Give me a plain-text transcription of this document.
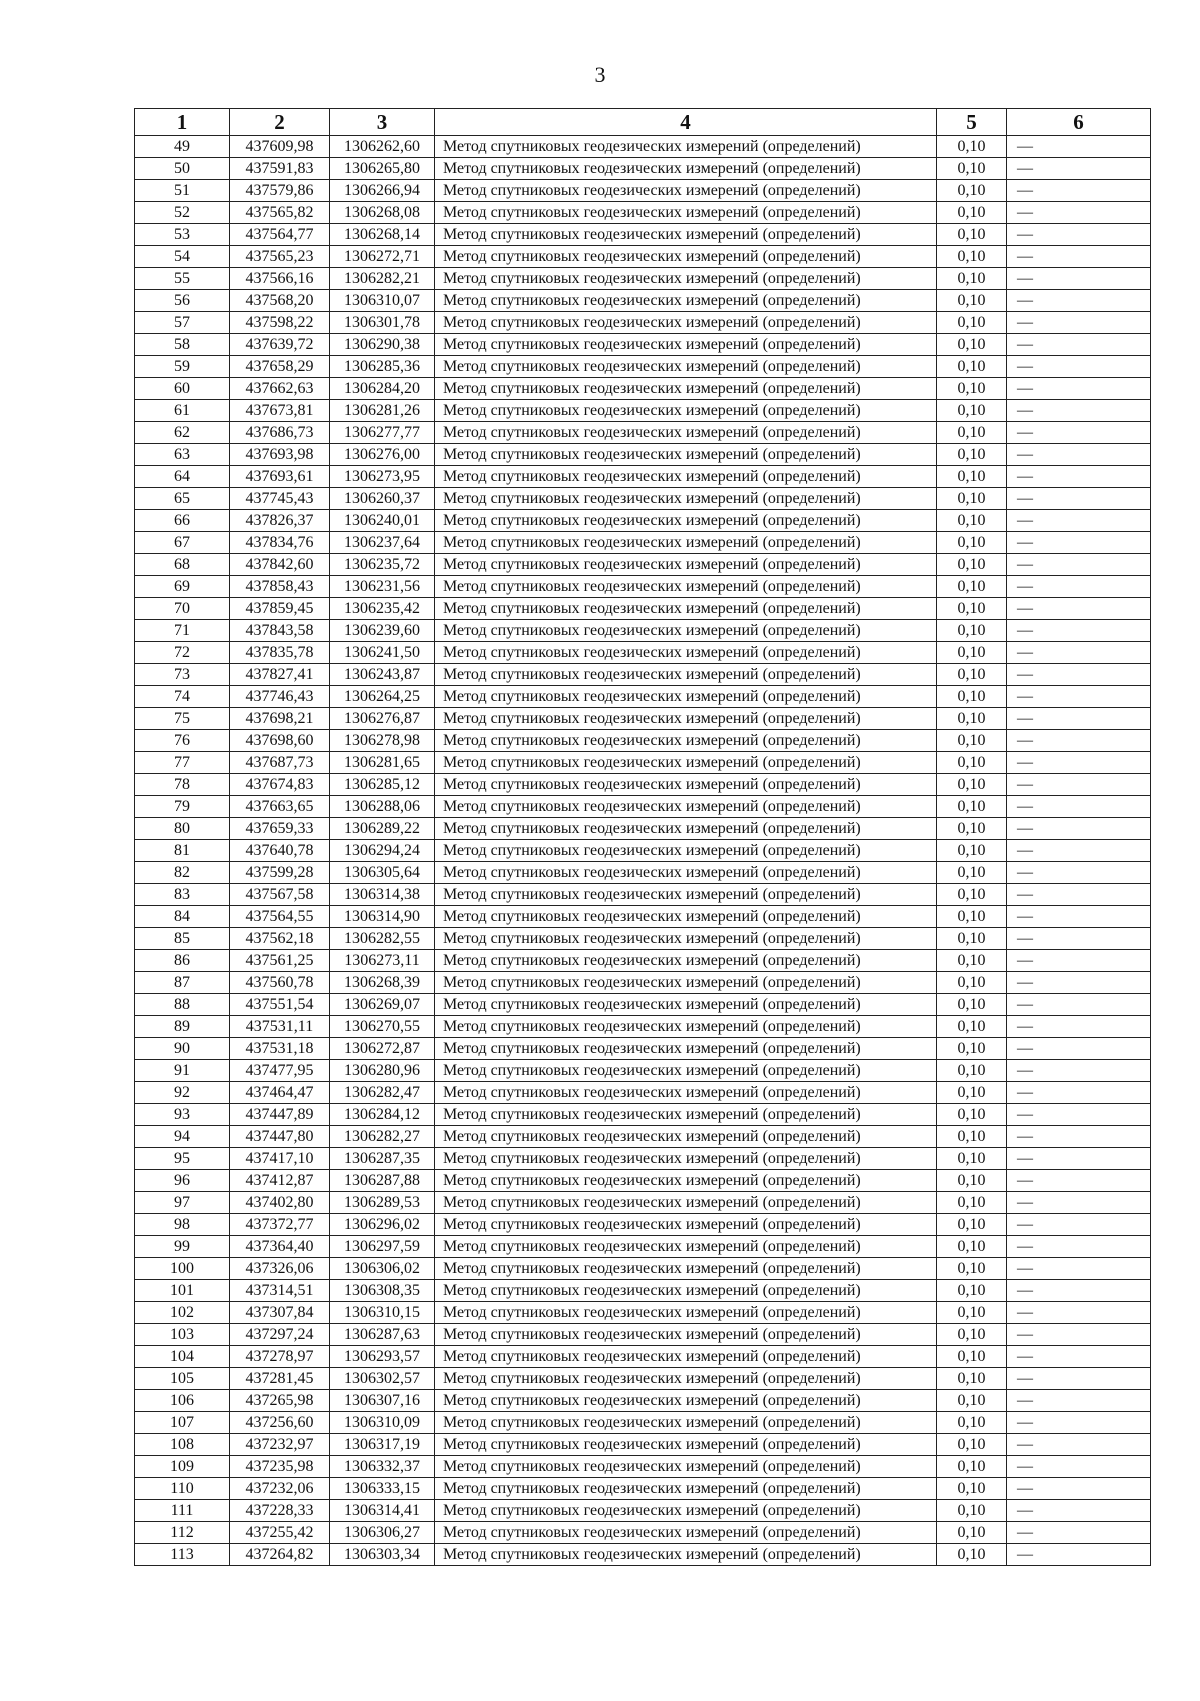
3
1	2	3	4	5	6
49	437609,98	1306262,60	Метод спутниковых геодезических измерений (определений)	0,10	—
50	437591,83	1306265,80	Метод спутниковых геодезических измерений (определений)	0,10	—
51	437579,86	1306266,94	Метод спутниковых геодезических измерений (определений)	0,10	—
52	437565,82	1306268,08	Метод спутниковых геодезических измерений (определений)	0,10	—
53	437564,77	1306268,14	Метод спутниковых геодезических измерений (определений)	0,10	—
54	437565,23	1306272,71	Метод спутниковых геодезических измерений (определений)	0,10	—
55	437566,16	1306282,21	Метод спутниковых геодезических измерений (определений)	0,10	—
56	437568,20	1306310,07	Метод спутниковых геодезических измерений (определений)	0,10	—
57	437598,22	1306301,78	Метод спутниковых геодезических измерений (определений)	0,10	—
58	437639,72	1306290,38	Метод спутниковых геодезических измерений (определений)	0,10	—
59	437658,29	1306285,36	Метод спутниковых геодезических измерений (определений)	0,10	—
60	437662,63	1306284,20	Метод спутниковых геодезических измерений (определений)	0,10	—
61	437673,81	1306281,26	Метод спутниковых геодезических измерений (определений)	0,10	—
62	437686,73	1306277,77	Метод спутниковых геодезических измерений (определений)	0,10	—
63	437693,98	1306276,00	Метод спутниковых геодезических измерений (определений)	0,10	—
64	437693,61	1306273,95	Метод спутниковых геодезических измерений (определений)	0,10	—
65	437745,43	1306260,37	Метод спутниковых геодезических измерений (определений)	0,10	—
66	437826,37	1306240,01	Метод спутниковых геодезических измерений (определений)	0,10	—
67	437834,76	1306237,64	Метод спутниковых геодезических измерений (определений)	0,10	—
68	437842,60	1306235,72	Метод спутниковых геодезических измерений (определений)	0,10	—
69	437858,43	1306231,56	Метод спутниковых геодезических измерений (определений)	0,10	—
70	437859,45	1306235,42	Метод спутниковых геодезических измерений (определений)	0,10	—
71	437843,58	1306239,60	Метод спутниковых геодезических измерений (определений)	0,10	—
72	437835,78	1306241,50	Метод спутниковых геодезических измерений (определений)	0,10	—
73	437827,41	1306243,87	Метод спутниковых геодезических измерений (определений)	0,10	—
74	437746,43	1306264,25	Метод спутниковых геодезических измерений (определений)	0,10	—
75	437698,21	1306276,87	Метод спутниковых геодезических измерений (определений)	0,10	—
76	437698,60	1306278,98	Метод спутниковых геодезических измерений (определений)	0,10	—
77	437687,73	1306281,65	Метод спутниковых геодезических измерений (определений)	0,10	—
78	437674,83	1306285,12	Метод спутниковых геодезических измерений (определений)	0,10	—
79	437663,65	1306288,06	Метод спутниковых геодезических измерений (определений)	0,10	—
80	437659,33	1306289,22	Метод спутниковых геодезических измерений (определений)	0,10	—
81	437640,78	1306294,24	Метод спутниковых геодезических измерений (определений)	0,10	—
82	437599,28	1306305,64	Метод спутниковых геодезических измерений (определений)	0,10	—
83	437567,58	1306314,38	Метод спутниковых геодезических измерений (определений)	0,10	—
84	437564,55	1306314,90	Метод спутниковых геодезических измерений (определений)	0,10	—
85	437562,18	1306282,55	Метод спутниковых геодезических измерений (определений)	0,10	—
86	437561,25	1306273,11	Метод спутниковых геодезических измерений (определений)	0,10	—
87	437560,78	1306268,39	Метод спутниковых геодезических измерений (определений)	0,10	—
88	437551,54	1306269,07	Метод спутниковых геодезических измерений (определений)	0,10	—
89	437531,11	1306270,55	Метод спутниковых геодезических измерений (определений)	0,10	—
90	437531,18	1306272,87	Метод спутниковых геодезических измерений (определений)	0,10	—
91	437477,95	1306280,96	Метод спутниковых геодезических измерений (определений)	0,10	—
92	437464,47	1306282,47	Метод спутниковых геодезических измерений (определений)	0,10	—
93	437447,89	1306284,12	Метод спутниковых геодезических измерений (определений)	0,10	—
94	437447,80	1306282,27	Метод спутниковых геодезических измерений (определений)	0,10	—
95	437417,10	1306287,35	Метод спутниковых геодезических измерений (определений)	0,10	—
96	437412,87	1306287,88	Метод спутниковых геодезических измерений (определений)	0,10	—
97	437402,80	1306289,53	Метод спутниковых геодезических измерений (определений)	0,10	—
98	437372,77	1306296,02	Метод спутниковых геодезических измерений (определений)	0,10	—
99	437364,40	1306297,59	Метод спутниковых геодезических измерений (определений)	0,10	—
100	437326,06	1306306,02	Метод спутниковых геодезических измерений (определений)	0,10	—
101	437314,51	1306308,35	Метод спутниковых геодезических измерений (определений)	0,10	—
102	437307,84	1306310,15	Метод спутниковых геодезических измерений (определений)	0,10	—
103	437297,24	1306287,63	Метод спутниковых геодезических измерений (определений)	0,10	—
104	437278,97	1306293,57	Метод спутниковых геодезических измерений (определений)	0,10	—
105	437281,45	1306302,57	Метод спутниковых геодезических измерений (определений)	0,10	—
106	437265,98	1306307,16	Метод спутниковых геодезических измерений (определений)	0,10	—
107	437256,60	1306310,09	Метод спутниковых геодезических измерений (определений)	0,10	—
108	437232,97	1306317,19	Метод спутниковых геодезических измерений (определений)	0,10	—
109	437235,98	1306332,37	Метод спутниковых геодезических измерений (определений)	0,10	—
110	437232,06	1306333,15	Метод спутниковых геодезических измерений (определений)	0,10	—
111	437228,33	1306314,41	Метод спутниковых геодезических измерений (определений)	0,10	—
112	437255,42	1306306,27	Метод спутниковых геодезических измерений (определений)	0,10	—
113	437264,82	1306303,34	Метод спутниковых геодезических измерений (определений)	0,10	—
